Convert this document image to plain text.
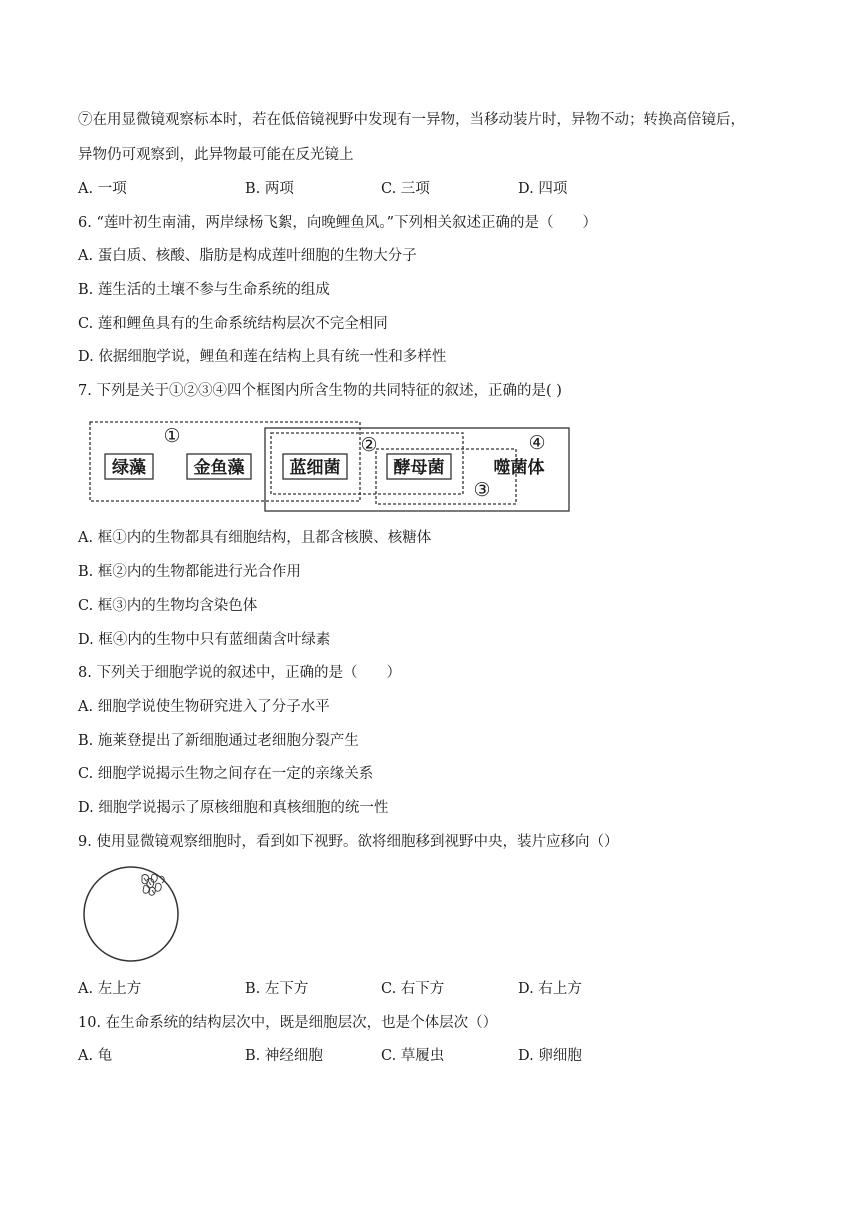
⑦在用显微镜观察标本时，若在低倍镜视野中发现有一异物，当移动装片时，异物不动；转换高倍镜后，
异物仍可观察到，此异物最可能在反光镜上
A. 一项	B. 两项	C. 三项	D. 四项
6. “莲叶初生南浦，两岸绿杨飞絮，向晚鲤鱼风。”下列相关叙述正确的是（　　）
A. 蛋白质、核酸、脂肪是构成莲叶细胞的生物大分子
B. 莲生活的土壤不参与生命系统的组成
C. 莲和鲤鱼具有的生命系统结构层次不完全相同
D. 依据细胞学说，鲤鱼和莲在结构上具有统一性和多样性
7. 下列是关于①②③④四个框图内所含生物的共同特征的叙述，正确的是( )
绿藻	金鱼藻	蓝细菌	酵母菌	噬菌体
①	②
③
④
A. 框①内的生物都具有细胞结构，且都含核膜、核糖体
B. 框②内的生物都能进行光合作用
C. 框③内的生物均含染色体
D. 框④内的生物中只有蓝细菌含叶绿素
8. 下列关于细胞学说的叙述中，正确的是（　　）
A. 细胞学说使生物研究进入了分子水平
B. 施莱登提出了新细胞通过老细胞分裂产生
C. 细胞学说揭示生物之间存在一定的亲缘关系
D. 细胞学说揭示了原核细胞和真核细胞的统一性
9. 使用显微镜观察细胞时，看到如下视野。欲将细胞移到视野中央，装片应移向（）
A. 左上方	B. 左下方	C. 右下方	D. 右上方
10. 在生命系统的结构层次中，既是细胞层次，也是个体层次（）
A. 龟	B. 神经细胞	C. 草履虫	D. 卵细胞
